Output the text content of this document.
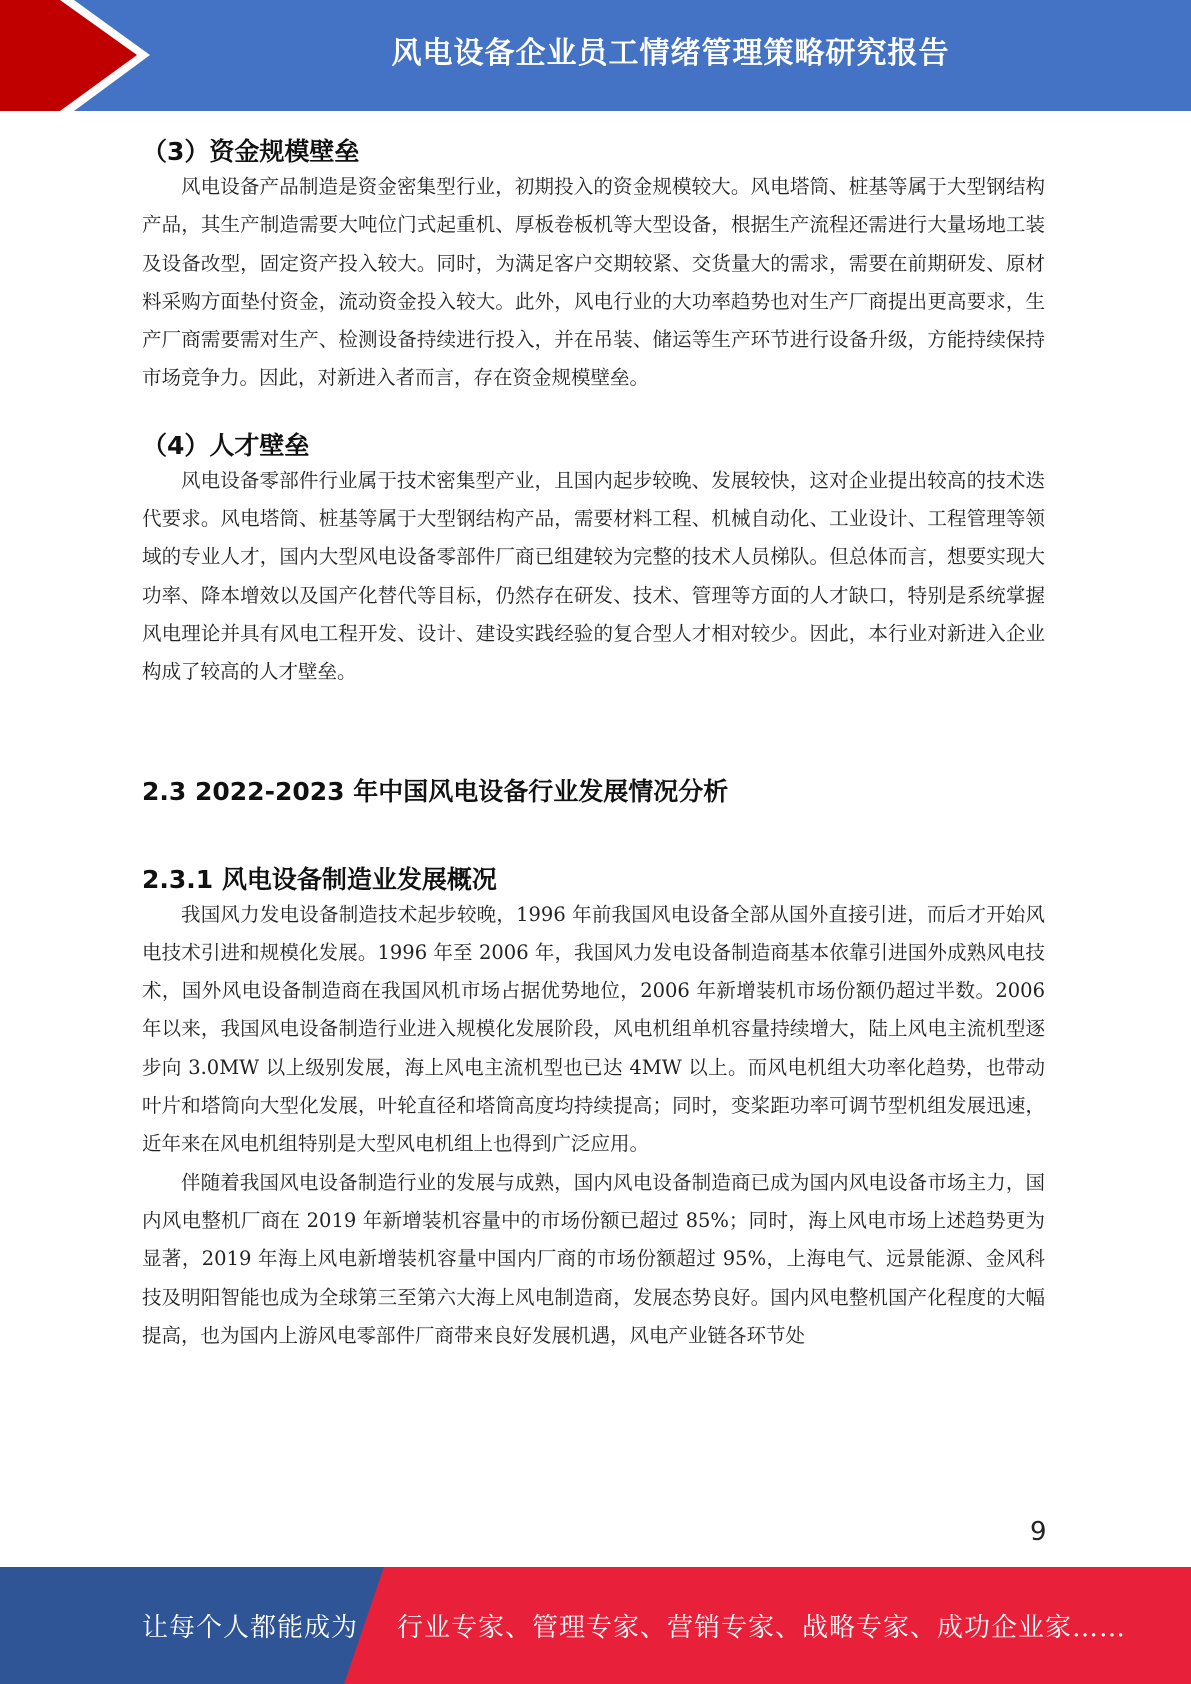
风电设备企业员工情绪管理策略研究报告
（3）资金规模壁垒

风电设备产品制造是资金密集型行业，初期投入的资金规模较大。风电塔筒、桩基等属于大型钢结构产品，其生产制造需要大吨位门式起重机、厚板卷板机等大型设备，根据生产流程还需进行大量场地工装及设备改型，固定资产投入较大。同时，为满足客户交期较紧、交货量大的需求，需要在前期研发、原材料采购方面垫付资金，流动资金投入较大。此外，风电行业的大功率趋势也对生产厂商提出更高要求，生产厂商需要需对生产、检测设备持续进行投入，并在吊装、储运等生产环节进行设备升级，方能持续保持市场竞争力。因此，对新进入者而言，存在资金规模壁垒。

（4）人才壁垒

风电设备零部件行业属于技术密集型产业，且国内起步较晚、发展较快，这对企业提出较高的技术迭代要求。风电塔筒、桩基等属于大型钢结构产品，需要材料工程、机械自动化、工业设计、工程管理等领域的专业人才，国内大型风电设备零部件厂商已组建较为完整的技术人员梯队。但总体而言，想要实现大功率、降本增效以及国产化替代等目标，仍然存在研发、技术、管理等方面的人才缺口，特别是系统掌握风电理论并具有风电工程开发、设计、建设实践经验的复合型人才相对较少。因此，本行业对新进入企业构成了较高的人才壁垒。

2.3 2022-2023 年中国风电设备行业发展情况分析
2.3.1 风电设备制造业发展概况

我国风力发电设备制造技术起步较晚，1996 年前我国风电设备全部从国外直接引进，而后才开始风电技术引进和规模化发展。1996 年至 2006 年，我国风力发电设备制造商基本依靠引进国外成熟风电技术，国外风电设备制造商在我国风机市场占据优势地位，2006 年新增装机市场份额仍超过半数。2006 年以来，我国风电设备制造行业进入规模化发展阶段，风电机组单机容量持续增大，陆上风电主流机型逐步向 3.0MW 以上级别发展，海上风电主流机型也已达 4MW 以上。而风电机组大功率化趋势，也带动叶片和塔筒向大型化发展，叶轮直径和塔筒高度均持续提高；同时，变桨距功率可调节型机组发展迅速，近年来在风电机组特别是大型风电机组上也得到广泛应用。

伴随着我国风电设备制造行业的发展与成熟，国内风电设备制造商已成为国内风电设备市场主力，国内风电整机厂商在 2019 年新增装机容量中的市场份额已超过 85%；同时，海上风电市场上述趋势更为显著，2019 年海上风电新增装机容量中国内厂商的市场份额超过 95%，上海电气、远景能源、金风科技及明阳智能也成为全球第三至第六大海上风电制造商，发展态势良好。国内风电整机国产化程度的大幅提高，也为国内上游风电零部件厂商带来良好发展机遇，风电产业链各环节处

9
让每个人都能成为 行业专家、管理专家、营销专家、战略专家、成功企业家……
